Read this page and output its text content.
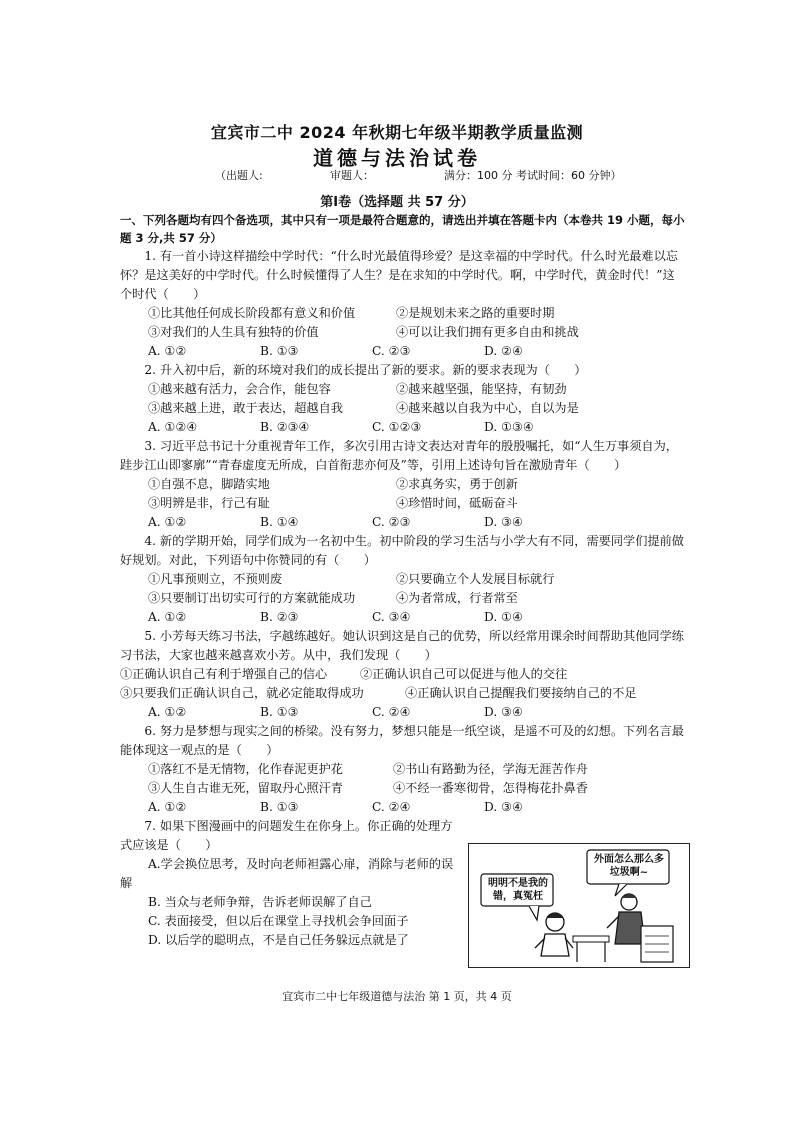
宜宾市二中 2024 年秋期七年级半期教学质量监测
道德与法治试卷
（出题人:	审题人：	满分：100 分 考试时间：60 分钟）
第Ⅰ卷（选择题 共 57 分）

一、下列各题均有四个备选项，其中只有一项是最符合题意的，请选出并填在答题卡内（本卷共 19 小题，每小题 3 分,共 57 分）

1. 有一首小诗这样描绘中学时代：“什么时光最值得珍爱？是这幸福的中学时代。什么时光最难以忘怀？是这美好的中学时代。什么时候懂得了人生？是在求知的中学时代。啊，中学时代，黄金时代！”这个时代（　　）

①比其他任何成长阶段都有意义和价值	②是规划未来之路的重要时期
③对我们的人生具有独特的价值	④可以让我们拥有更多自由和挑战
A. ①②	B. ①③	C. ②③	D. ②④

2. 升入初中后，新的环境对我们的成长提出了新的要求。新的要求表现为（　　）

①越来越有活力，会合作，能包容	②越来越坚强，能坚持，有韧劲
③越来越上进，敢于表达，超越自我	④越来越以自我为中心，自以为是
A. ①②④	B. ②③④	C. ①②③	D. ①③④

3. 习近平总书记十分重视青年工作，多次引用古诗文表达对青年的殷殷嘱托，如“人生万事须自为，跬步江山即寥廓”“青春虚度无所成，白首衔悲亦何及”等，引用上述诗句旨在激励青年（　　）

①自强不息，脚踏实地	②求真务实，勇于创新
③明辨是非，行己有耻	④珍惜时间，砥砺奋斗
A. ①②	B. ①④	C. ②③	D. ③④

4. 新的学期开始，同学们成为一名初中生。初中阶段的学习生活与小学大有不同，需要同学们提前做好规划。对此，下列语句中你赞同的有（　　）

①凡事预则立，不预则废	②只要确立个人发展目标就行
③只要制订出切实可行的方案就能成功	④为者常成，行者常至
A. ①②	B. ②③	C. ③④	D. ①④

5. 小芳每天练习书法，字越练越好。她认识到这是自己的优势，所以经常用课余时间帮助其他同学练习书法，大家也越来越喜欢小芳。从中，我们发现（　　）

①正确认识自己有利于增强自己的信心	②正确认识自己可以促进与他人的交往
③只要我们正确认识自己，就必定能取得成功	④正确认识自己提醒我们要接纳自己的不足
A. ①②	B. ①③	C. ②④	D. ③④

6. 努力是梦想与现实之间的桥梁。没有努力，梦想只能是一纸空谈，是遥不可及的幻想。下列名言最能体现这一观点的是（　　）

①落红不是无情物，化作春泥更护花	②书山有路勤为径，学海无涯苦作舟
③人生自古谁无死，留取丹心照汗青	④不经一番寒彻骨，怎得梅花扑鼻香
A. ①②	B. ①③	C. ②④	D. ③④

7. 如果下图漫画中的问题发生在你身上。你正确的处理方式应该是（　　）

A.学会换位思考，及时向老师袒露心扉，消除与老师的误解

B. 当众与老师争辩，告诉老师误解了自己

C. 表面接受，但以后在课堂上寻找机会争回面子

D. 以后学的聪明点，不是自己任务躲远点就是了

外面怎么那么多垃圾啊~
明明不是我的错，真冤枉
宜宾市二中七年级道德与法治 第 1 页，共 4 页
